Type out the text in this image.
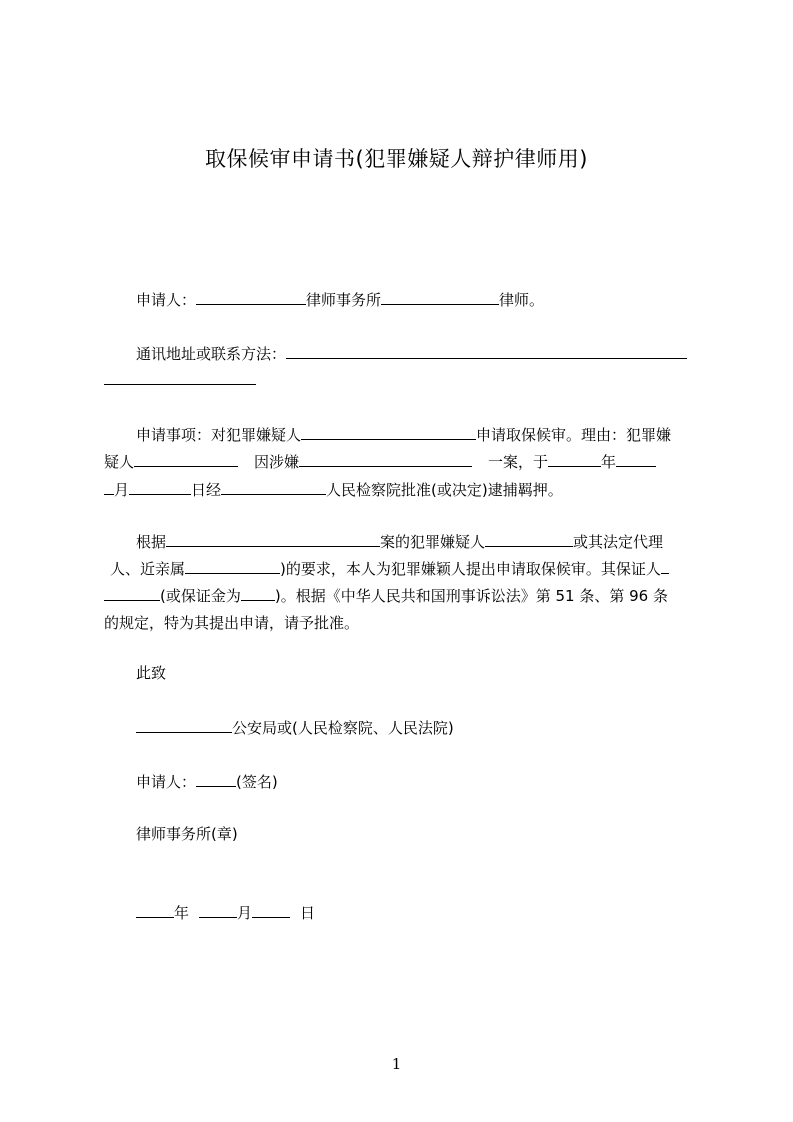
取保候审申请书(犯罪嫌疑人辩护律师用)
申请人：	律师事务所	律师。
通讯地址或联系方法：
申请事项：对犯罪嫌疑人	申请取保候审。理由：犯罪嫌
疑人	因涉嫌	一案，于	年
月	日经	人民检察院批准(或决定)逮捕羁押。
根据	案的犯罪嫌疑人	或其法定代理
人、近亲属	)的要求，本人为犯罪嫌颖人提出申请取保候审。其保证人
(或保证金为 )。根据《中华人民共和国刑事诉讼法》第 51 条、第 96 条
的规定，特为其提出申请，请予批准。
此致
公安局或(人民检察院、人民法院)
申请人：	(签名)
律师事务所(章)
年	月	日
1
